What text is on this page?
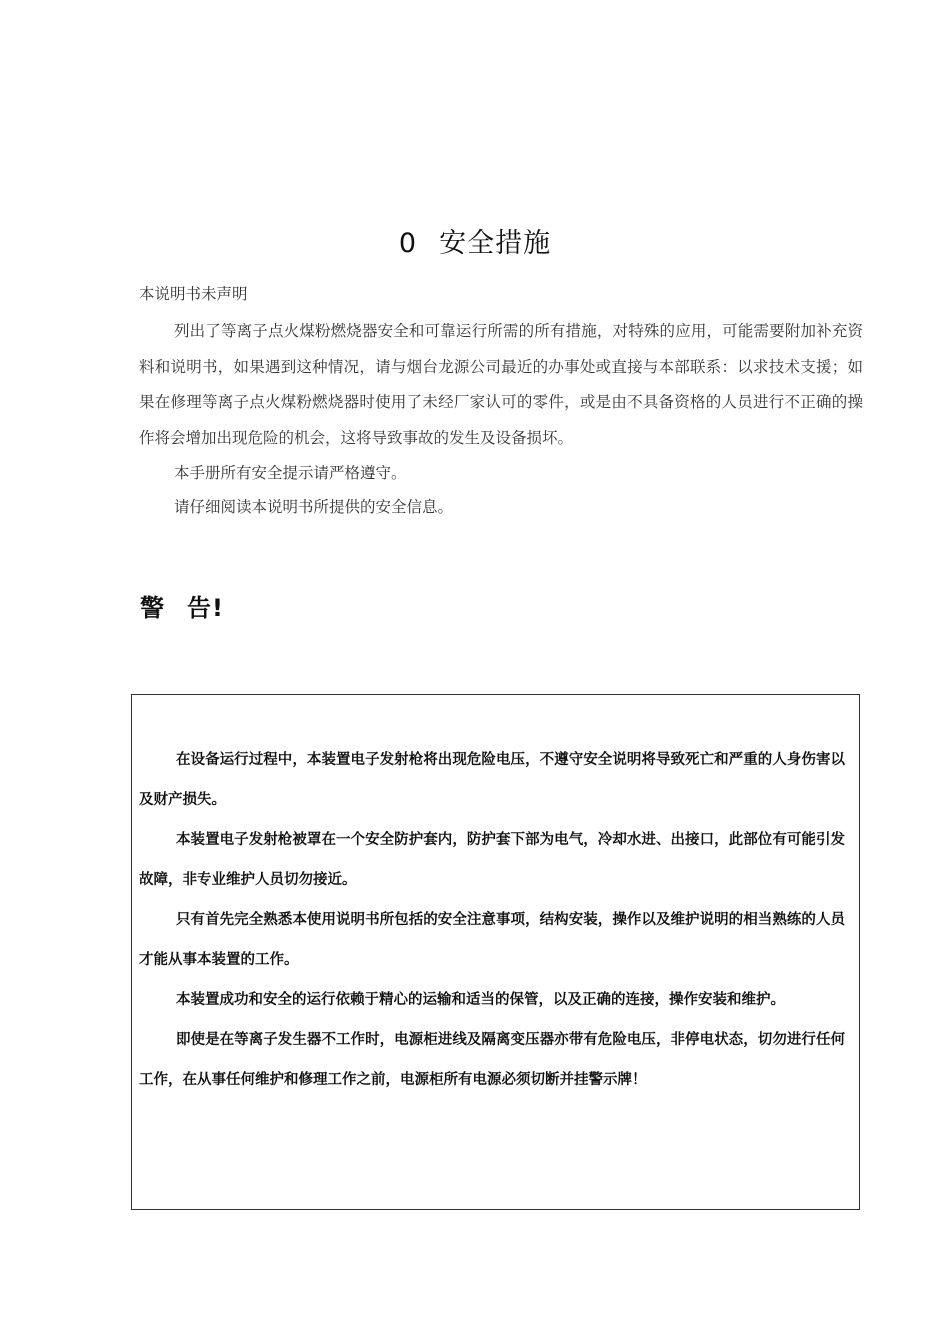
0 安全措施
本说明书未声明

列出了等离子点火煤粉燃烧器安全和可靠运行所需的所有措施，对特殊的应用，可能需要附加补充资料和说明书，如果遇到这种情况，请与烟台龙源公司最近的办事处或直接与本部联系：以求技术支援；如果在修理等离子点火煤粉燃烧器时使用了未经厂家认可的零件，或是由不具备资格的人员进行不正确的操作将会增加出现危险的机会，这将导致事故的发生及设备损坏。

本手册所有安全提示请严格遵守。

请仔细阅读本说明书所提供的安全信息。

警 告!

在设备运行过程中，本装置电子发射枪将出现危险电压，不遵守安全说明将导致死亡和严重的人身伤害以及财产损失。

本装置电子发射枪被罩在一个安全防护套内，防护套下部为电气，冷却水进、出接口，此部位有可能引发故障，非专业维护人员切勿接近。

只有首先完全熟悉本使用说明书所包括的安全注意事项，结构安装，操作以及维护说明的相当熟练的人员才能从事本装置的工作。

本装置成功和安全的运行依赖于精心的运输和适当的保管，以及正确的连接，操作安装和维护。

即使是在等离子发生器不工作时，电源柜进线及隔离变压器亦带有危险电压，非停电状态，切勿进行任何工作，在从事任何维护和修理工作之前，电源柜所有电源必须切断并挂警示牌！
